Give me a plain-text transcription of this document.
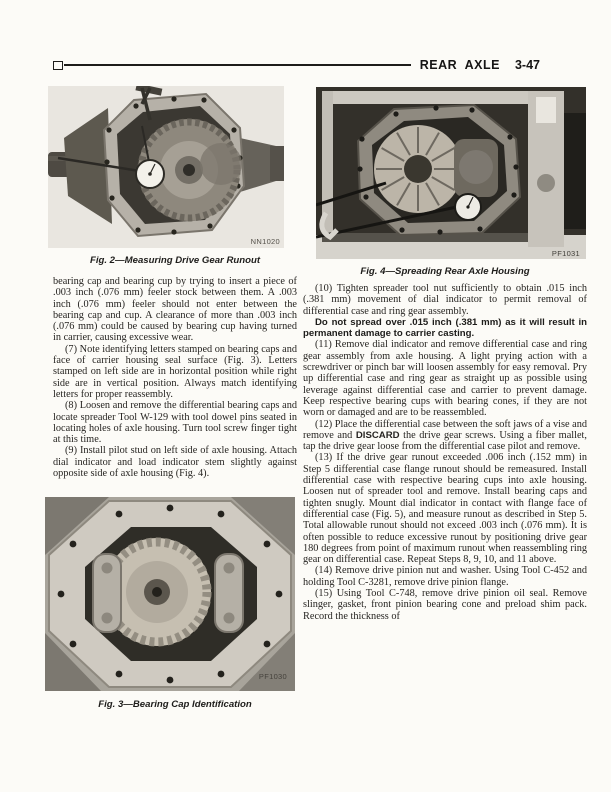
REAR AXLE 3-47
NN1020
Fig. 2—Measuring Drive Gear Runout
PF1031
Fig. 4—Spreading Rear Axle Housing

bearing cap and bearing cup by trying to insert a piece of .003 inch (.076 mm) feeler stock between them. A .003 inch (.076 mm) feeler should not enter between the bearing cap and cup. A clearance of more than .003 inch (.076 mm) could be caused by bearing cup having turned in carrier, causing excessive wear.

(7) Note identifying letters stamped on bearing caps and face of carrier housing seal surface (Fig. 3). Letters stamped on left side are in horizontal position while right side are in vertical position. Always match identifying letters for proper reassembly.

(8) Loosen and remove the differential bearing caps and locate spreader Tool W-129 with tool dowel pins seated in locating holes of axle housing. Turn tool screw finger tight at this time.

(9) Install pilot stud on left side of axle housing. Attach dial indicator and load indicator stem slightly against opposite side of axle housing (Fig. 4).

PF1030
Fig. 3—Bearing Cap Identification

(10) Tighten spreader tool nut sufficiently to obtain .015 inch (.381 mm) movement of dial indicator to permit removal of differential case and ring gear assembly.

Do not spread over .015 inch (.381 mm) as it will result in permanent damage to carrier casting.

(11) Remove dial indicator and remove differential case and ring gear assembly from axle housing. A light prying action with a screwdriver or pinch bar will loosen assembly for easy removal. Pry up differential case and ring gear as straight up as possible using leverage against differential case and carrier to prevent damage. Keep respective bearing cups with bearing cones, if they are not worn or damaged and are to be reassembled.

(12) Place the differential case between the soft jaws of a vise and remove and DISCARD the drive gear screws. Using a fiber mallet, tap the drive gear loose from the differential case pilot and remove.

(13) If the drive gear runout exceeded .006 inch (.152 mm) in Step 5 differential case flange runout should be remeasured. Install differential case with respective bearing cups into axle housing. Loosen nut of spreader tool and remove. Install bearing caps and tighten snugly. Mount dial indicator in contact with flange face of differential case (Fig. 5), and measure runout as described in Step 5. Total allowable runout should not exceed .003 inch (.076 mm). It is often possible to reduce excessive runout by positioning drive gear 180 degrees from point of maximum runout when reassembling ring gear on differential case. Repeat Steps 8, 9, 10, and 11 above.

(14) Remove drive pinion nut and washer. Using Tool C-452 and holding Tool C-3281, remove drive pinion flange.

(15) Using Tool C-748, remove drive pinion oil seal. Remove slinger, gasket, front pinion bearing cone and preload shim pack. Record the thickness of
